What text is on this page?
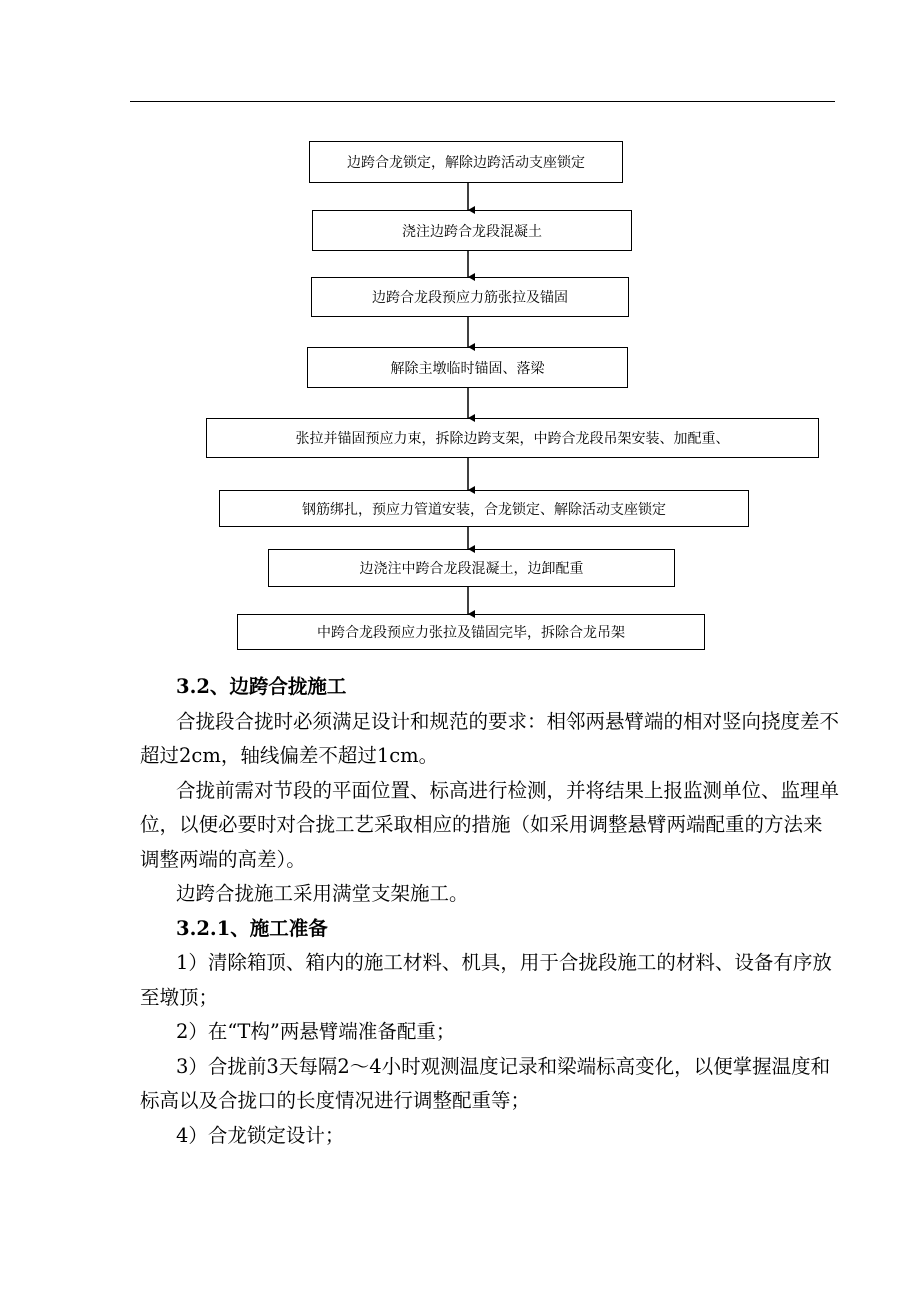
边跨合龙锁定，解除边跨活动支座锁定
浇注边跨合龙段混凝土
边跨合龙段预应力筋张拉及锚固
解除主墩临时锚固、落梁
张拉并锚固预应力束，拆除边跨支架，中跨合龙段吊架安装、加配重、
钢筋绑扎，预应力管道安装，合龙锁定、解除活动支座锁定
边浇注中跨合龙段混凝土，边卸配重
中跨合龙段预应力张拉及锚固完毕，拆除合龙吊架

3.2、边跨合拢施工

合拢段合拢时必须满足设计和规范的要求：相邻两悬臂端的相对竖向挠度差不超过2cm，轴线偏差不超过1cm。

合拢前需对节段的平面位置、标高进行检测，并将结果上报监测单位、监理单位，以便必要时对合拢工艺采取相应的措施（如采用调整悬臂两端配重的方法来调整两端的高差）。

边跨合拢施工采用满堂支架施工。

3.2.1、施工准备

1）清除箱顶、箱内的施工材料、机具，用于合拢段施工的材料、设备有序放至墩顶；

2）在“T构”两悬臂端准备配重；

3）合拢前3天每隔2～4小时观测温度记录和梁端标高变化，以便掌握温度和标高以及合拢口的长度情况进行调整配重等；

4）合龙锁定设计；
